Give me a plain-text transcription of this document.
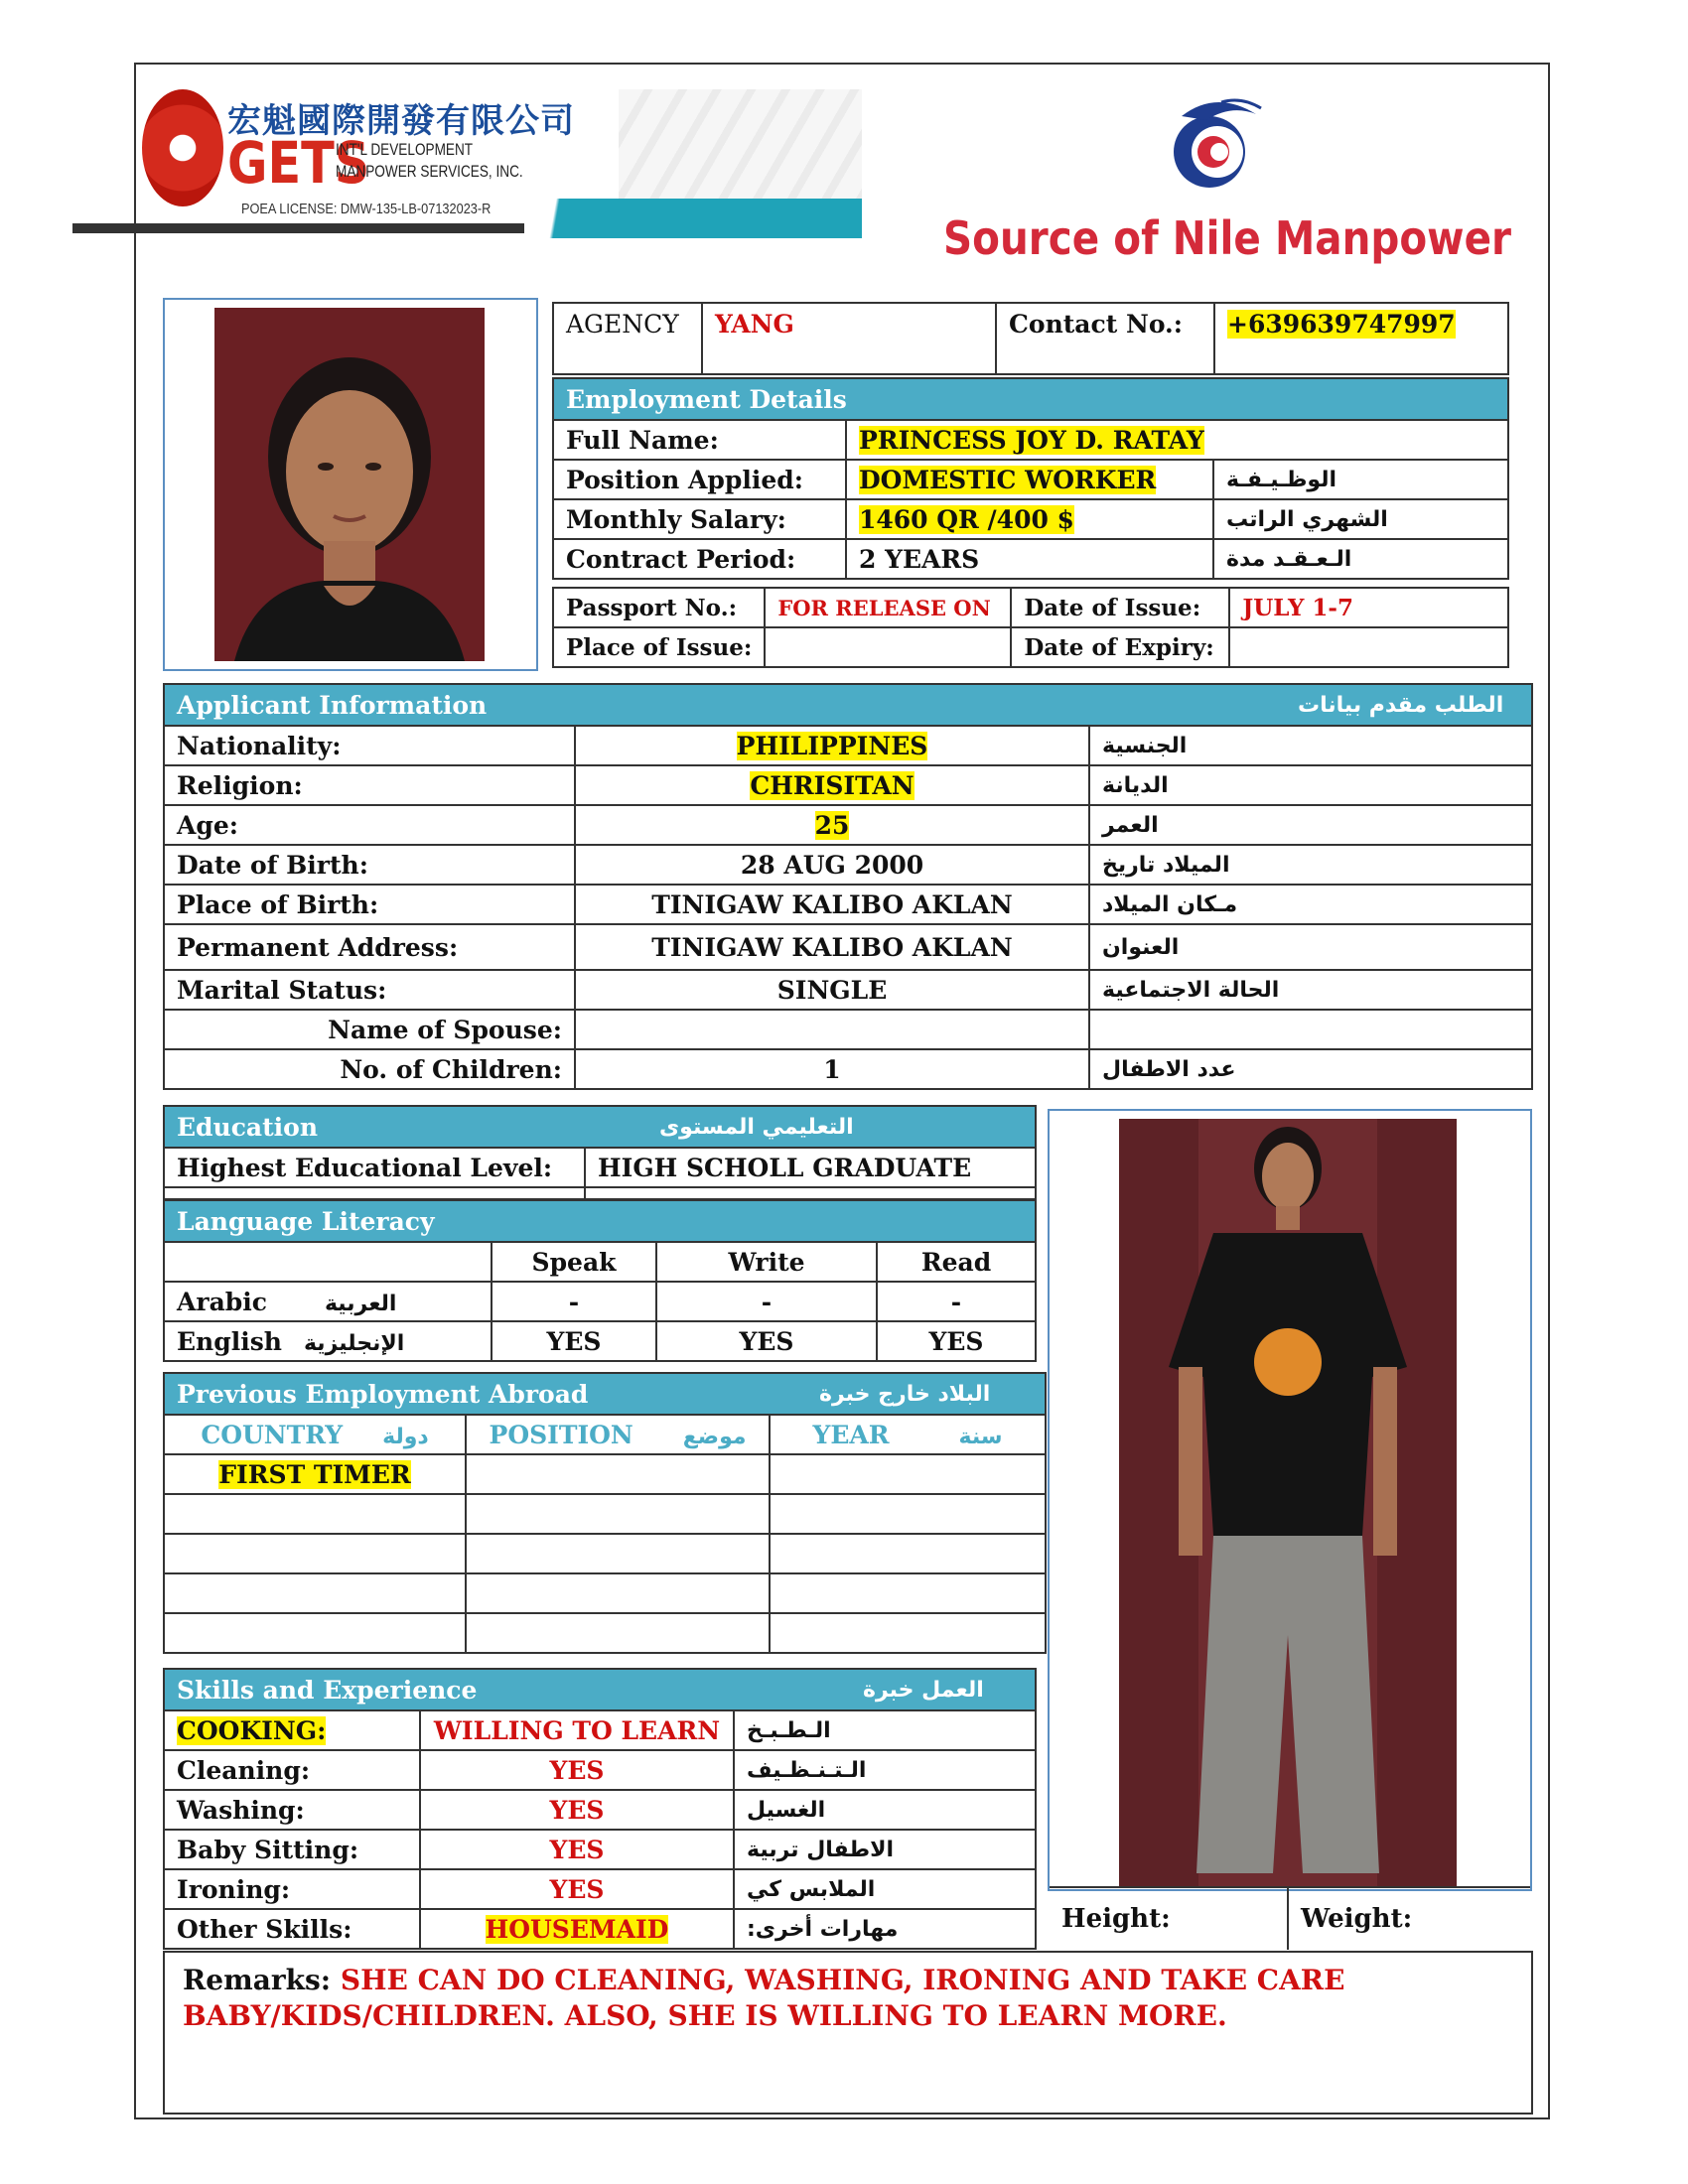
宏魁國際開發有限公司
GETS
INT'L DEVELOPMENT
MANPOWER SERVICES, INC.
POEA LICENSE: DMW-135-LB-07132023-R
Source of Nile Manpower
AGENCY	YANG	Contact No.:	+639639747997
Employment Details		
Full Name:	PRINCESS JOY D. RATAY	
Position Applied:	DOMESTIC WORKER	الوظـيـفـة
Monthly Salary:	1460 QR /400 $	الشهري الراتب
Contract Period:	2 YEARS	الـعـقـد مدة
Passport No.:	FOR RELEASE ON	Date of Issue:	JULY 1-7
Place of Issue:		Date of Expiry:	
Applicant Information		الطلب مقدم بيانات
Nationality:	PHILIPPINES	الجنسية
Religion:	CHRISITAN	الديانة
Age:	25	العمر
Date of Birth:	28 AUG 2000	الميلاد تاريخ
Place of Birth:	TINIGAW KALIBO AKLAN	مـكان الميلاد
Permanent Address:	TINIGAW KALIBO AKLAN	العنوان
Marital Status:	SINGLE	الحالة الاجتماعية
Name of Spouse:		
No. of Children:	1	عدد الاطفال
Height:	Weight:
Education	التعليمي المستوى
Highest Educational Level:	HIGH SCHOLL GRADUATE

Language Literacy			
	Speak	Write	Read
Arabic العربية	-	-	-
English الإنجليزية	YES	YES	YES
Previous Employment Abroad		البلاد خارج خبرة
COUNTRY دولة	POSITION موضع	YEAR سنة
FIRST TIMER		

Skills and Experience		العمل خبرة
COOKING:	WILLING TO LEARN	الـطـبـخ
Cleaning:	YES	الـتـنـظـيف
Washing:	YES	الغسيل
Baby Sitting:	YES	الاطفال تربية
Ironing:	YES	الملابس كي
Other Skills:	HOUSEMAID	مهارات أخرى:
Remarks: SHE CAN DO CLEANING, WASHING, IRONING AND TAKE CARE BABY/KIDS/CHILDREN. ALSO, SHE IS WILLING TO LEARN MORE.
